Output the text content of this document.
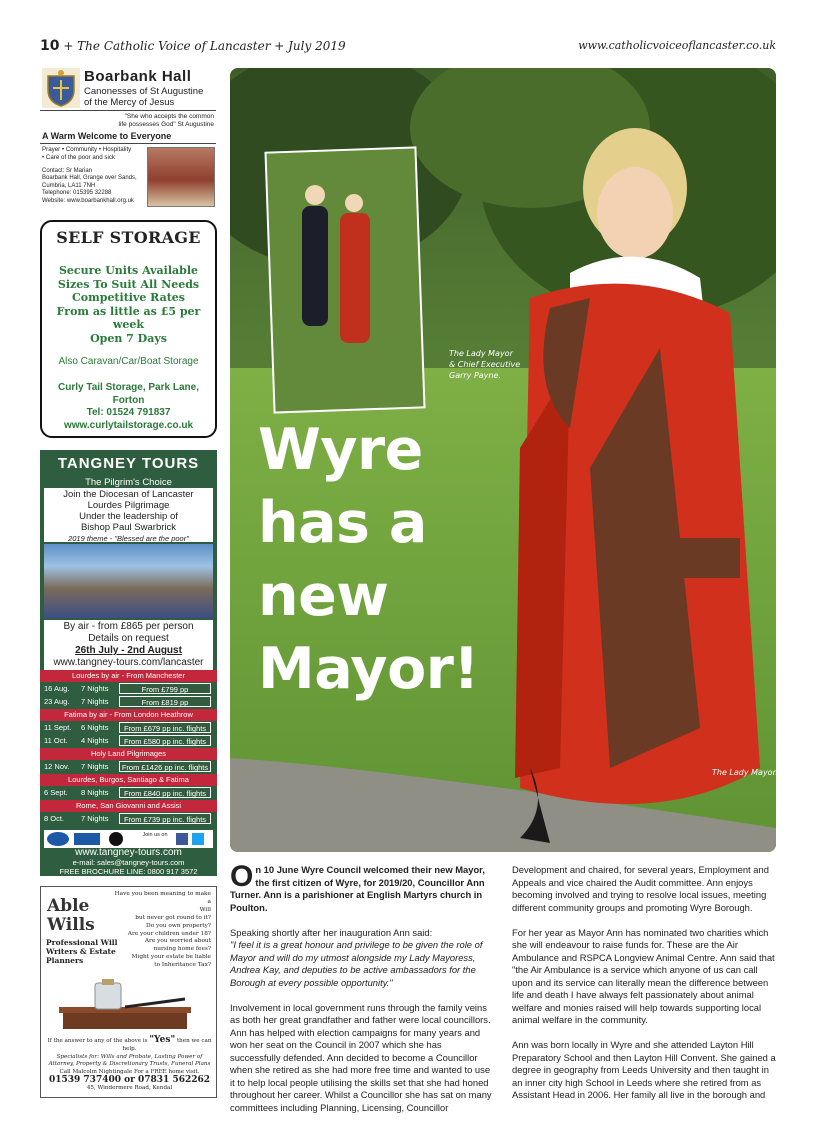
10 + The Catholic Voice of Lancaster + July 2019	www.catholicvoiceoflancaster.co.uk
Boarbank Hall
Canonesses of St Augustine
of the Mercy of Jesus
"She who accepts the common
life possesses God" St Augustine
A Warm Welcome to Everyone
Prayer • Community • Hospitality
• Care of the poor and sick
Contact: Sr Marian
Boarbank Hall, Grange over Sands,
Cumbria, LA11 7NH
Telephone: 015395 32288
Website: www.boarbankhall.org.uk
SELF STORAGE
Secure Units Available
Sizes To Suit All Needs
Competitive Rates
From as little as £5 per
week
Open 7 Days
Also Caravan/Car/Boat Storage
Curly Tail Storage, Park Lane,
Forton
Tel: 01524 791837
www.curlytailstorage.co.uk
TANGNEY TOURS
The Pilgrim's Choice
Join the Diocesan of Lancaster
Lourdes Pilgrimage
Under the leadership of
Bishop Paul Swarbrick
2019 theme - "Blessed are the poor"
By air - from £865 per person
Details on request
26th July - 2nd August
www.tangney-tours.com/lancaster
Lourdes by air - From Manchester
16 Aug. 7 Nights	From £799 pp
23 Aug. 7 Nights	From £819 pp
Fatima by air - From London Heathrow
11 Sept. 6 Nights	From £679 pp inc. flights
11 Oct. 4 Nights	From £580 pp inc. flights
Holy Land Pilgrimages
12 Nov. 7 Nights	From £1426 pp inc. flights
Lourdes, Burgos, Santiago & Fatima
6 Sept. 8 Nights	From £840 pp inc. flights
Rome, San Giovanni and Assisi
8 Oct. 7 Nights	From £739 pp inc. flights
Join us on
www.tangney-tours.com
e-mail: sales@tangney-tours.com
FREE BROCHURE LINE: 0800 917 3572
Able
Wills
Professional Will
Writers & Estate
Planners
Have you been meaning to make a
Will
but never got round to it?
Do you own property?
Are your children under 18?
Are you worried about
nursing home fees?
Might your estate be liable
to Inheritance Tax?
If the answer to any of the above is "Yes" then we can help.
Specialists for: Wills and Probate, Lasting Power of Attorney, Property & Discretionary Trusts, Funeral Plans
Call Malcolm Nightingale For a FREE home visit.
01539 737400 or 07831 562262
45, Windermere Road, Kendal
Wyre
has a
new
Mayor!
The Lady Mayor
& Chief Executive
Garry Payne.
The Lady Mayor.

O n 10 June Wyre Council welcomed their new Mayor, the first citizen of Wyre, for 2019/20, Councillor Ann Turner. Ann is a parishioner at English Martyrs church in Poulton.

Speaking shortly after her inauguration Ann said:

"I feel it is a great honour and privilege to be given the role of Mayor and will do my utmost alongside my Lady Mayoress, Andrea Kay, and deputies to be active ambassadors for the Borough at every possible opportunity."

Involvement in local government runs through the family veins as both her great grandfather and father were local councillors. Ann has helped with election campaigns for many years and won her seat on the Council in 2007 which she has successfully defended. Ann decided to become a Councillor when she retired as she had more free time and wanted to use it to help local people utilising the skills set that she had honed throughout her career. Whilst a Councillor she has sat on many committees including Planning, Licensing, Councillor

Development and chaired, for several years, Employment and Appeals and vice chaired the Audit committee. Ann enjoys becoming involved and trying to resolve local issues, meeting different community groups and promoting Wyre Borough.

For her year as Mayor Ann has nominated two charities which she will endeavour to raise funds for. These are the Air Ambulance and RSPCA Longview Animal Centre. Ann said that "the Air Ambulance is a service which anyone of us can call upon and its service can literally mean the difference between life and death I have always felt passionately about animal welfare and monies raised will help towards supporting local animal welfare in the community.

Ann was born locally in Wyre and she attended Layton Hill Preparatory School and then Layton Hill Convent. She gained a degree in geography from Leeds University and then taught in an inner city high School in Leeds where she retired from as Assistant Head in 2006. Her family all live in the borough and
